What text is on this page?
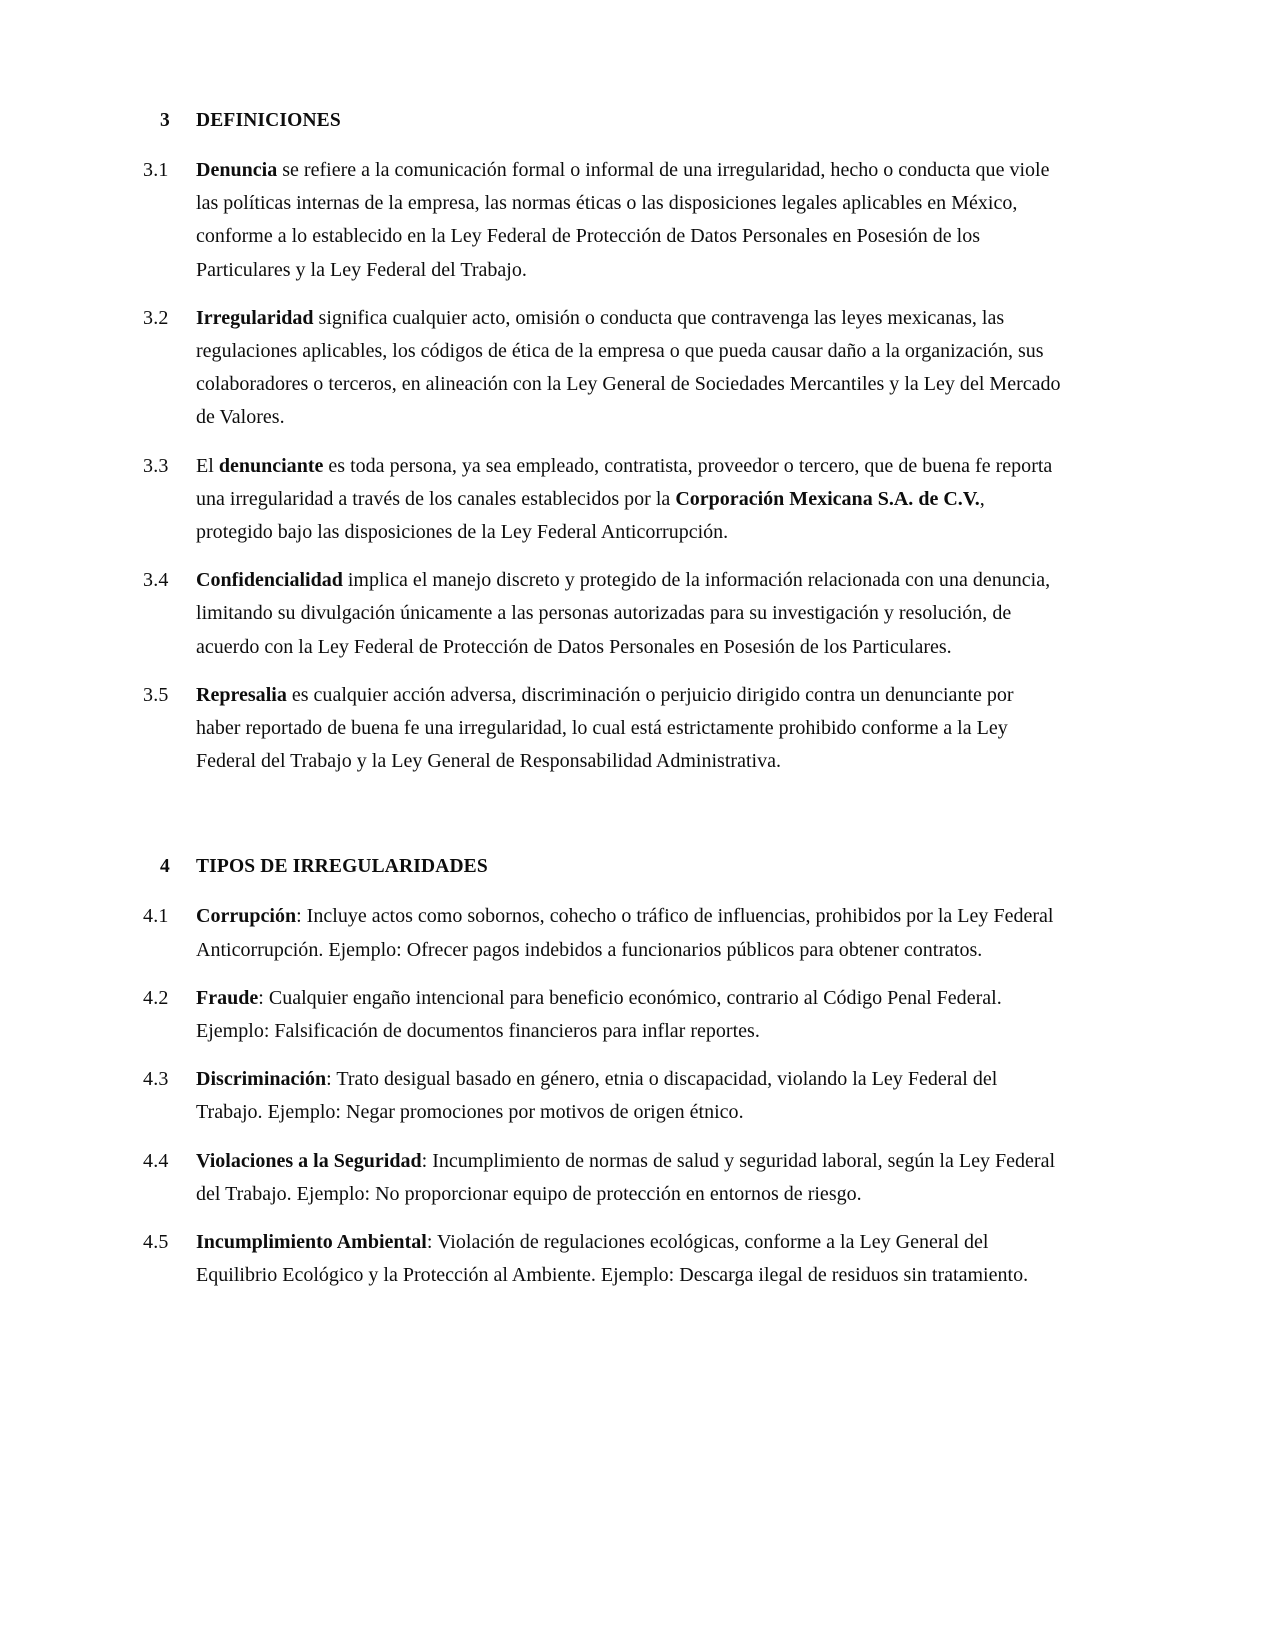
3	DEFINICIONES
3.1	Denuncia se refiere a la comunicación formal o informal de una irregularidad, hecho o conducta que viole las políticas internas de la empresa, las normas éticas o las disposiciones legales aplicables en México, conforme a lo establecido en la Ley Federal de Protección de Datos Personales en Posesión de los Particulares y la Ley Federal del Trabajo.
3.2	Irregularidad significa cualquier acto, omisión o conducta que contravenga las leyes mexicanas, las regulaciones aplicables, los códigos de ética de la empresa o que pueda causar daño a la organización, sus colaboradores o terceros, en alineación con la Ley General de Sociedades Mercantiles y la Ley del Mercado de Valores.
3.3	El denunciante es toda persona, ya sea empleado, contratista, proveedor o tercero, que de buena fe reporta una irregularidad a través de los canales establecidos por la Corporación Mexicana S.A. de C.V., protegido bajo las disposiciones de la Ley Federal Anticorrupción.
3.4	Confidencialidad implica el manejo discreto y protegido de la información relacionada con una denuncia, limitando su divulgación únicamente a las personas autorizadas para su investigación y resolución, de acuerdo con la Ley Federal de Protección de Datos Personales en Posesión de los Particulares.
3.5	Represalia es cualquier acción adversa, discriminación o perjuicio dirigido contra un denunciante por haber reportado de buena fe una irregularidad, lo cual está estrictamente prohibido conforme a la Ley Federal del Trabajo y la Ley General de Responsabilidad Administrativa.
4	TIPOS DE IRREGULARIDADES
4.1	Corrupción: Incluye actos como sobornos, cohecho o tráfico de influencias, prohibidos por la Ley Federal Anticorrupción. Ejemplo: Ofrecer pagos indebidos a funcionarios públicos para obtener contratos.
4.2	Fraude: Cualquier engaño intencional para beneficio económico, contrario al Código Penal Federal. Ejemplo: Falsificación de documentos financieros para inflar reportes.
4.3	Discriminación: Trato desigual basado en género, etnia o discapacidad, violando la Ley Federal del Trabajo. Ejemplo: Negar promociones por motivos de origen étnico.
4.4	Violaciones a la Seguridad: Incumplimiento de normas de salud y seguridad laboral, según la Ley Federal del Trabajo. Ejemplo: No proporcionar equipo de protección en entornos de riesgo.
4.5	Incumplimiento Ambiental: Violación de regulaciones ecológicas, conforme a la Ley General del Equilibrio Ecológico y la Protección al Ambiente. Ejemplo: Descarga ilegal de residuos sin tratamiento.
